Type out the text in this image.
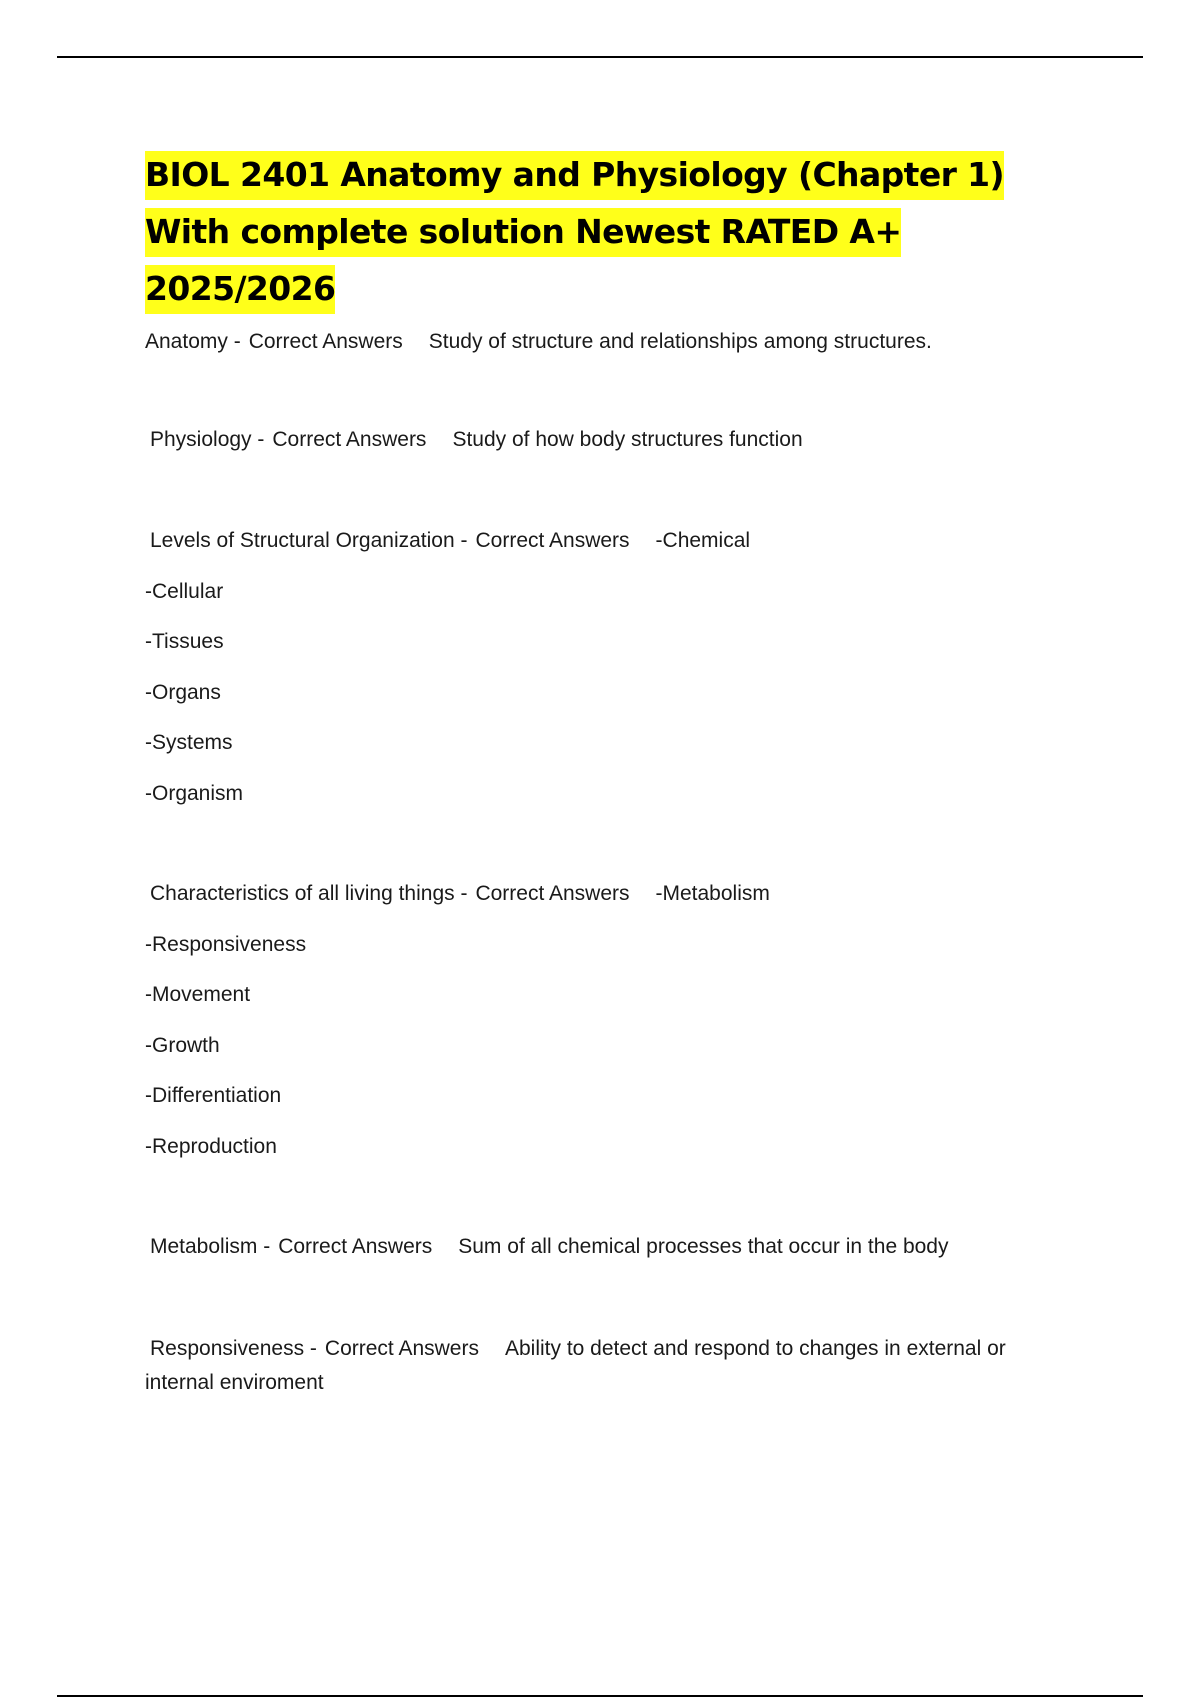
BIOL 2401 Anatomy and Physiology (Chapter 1) With complete solution Newest RATED A+ 2025/2026

Anatomy - Correct Answers Study of structure and relationships among structures.

Physiology - Correct Answers Study of how body structures function

Levels of Structural Organization - Correct Answers -Chemical

-Cellular

-Tissues

-Organs

-Systems

-Organism

Characteristics of all living things - Correct Answers -Metabolism

-Responsiveness

-Movement

-Growth

-Differentiation

-Reproduction

Metabolism - Correct Answers Sum of all chemical processes that occur in the body

Responsiveness - Correct Answers Ability to detect and respond to changes in external or internal enviroment
